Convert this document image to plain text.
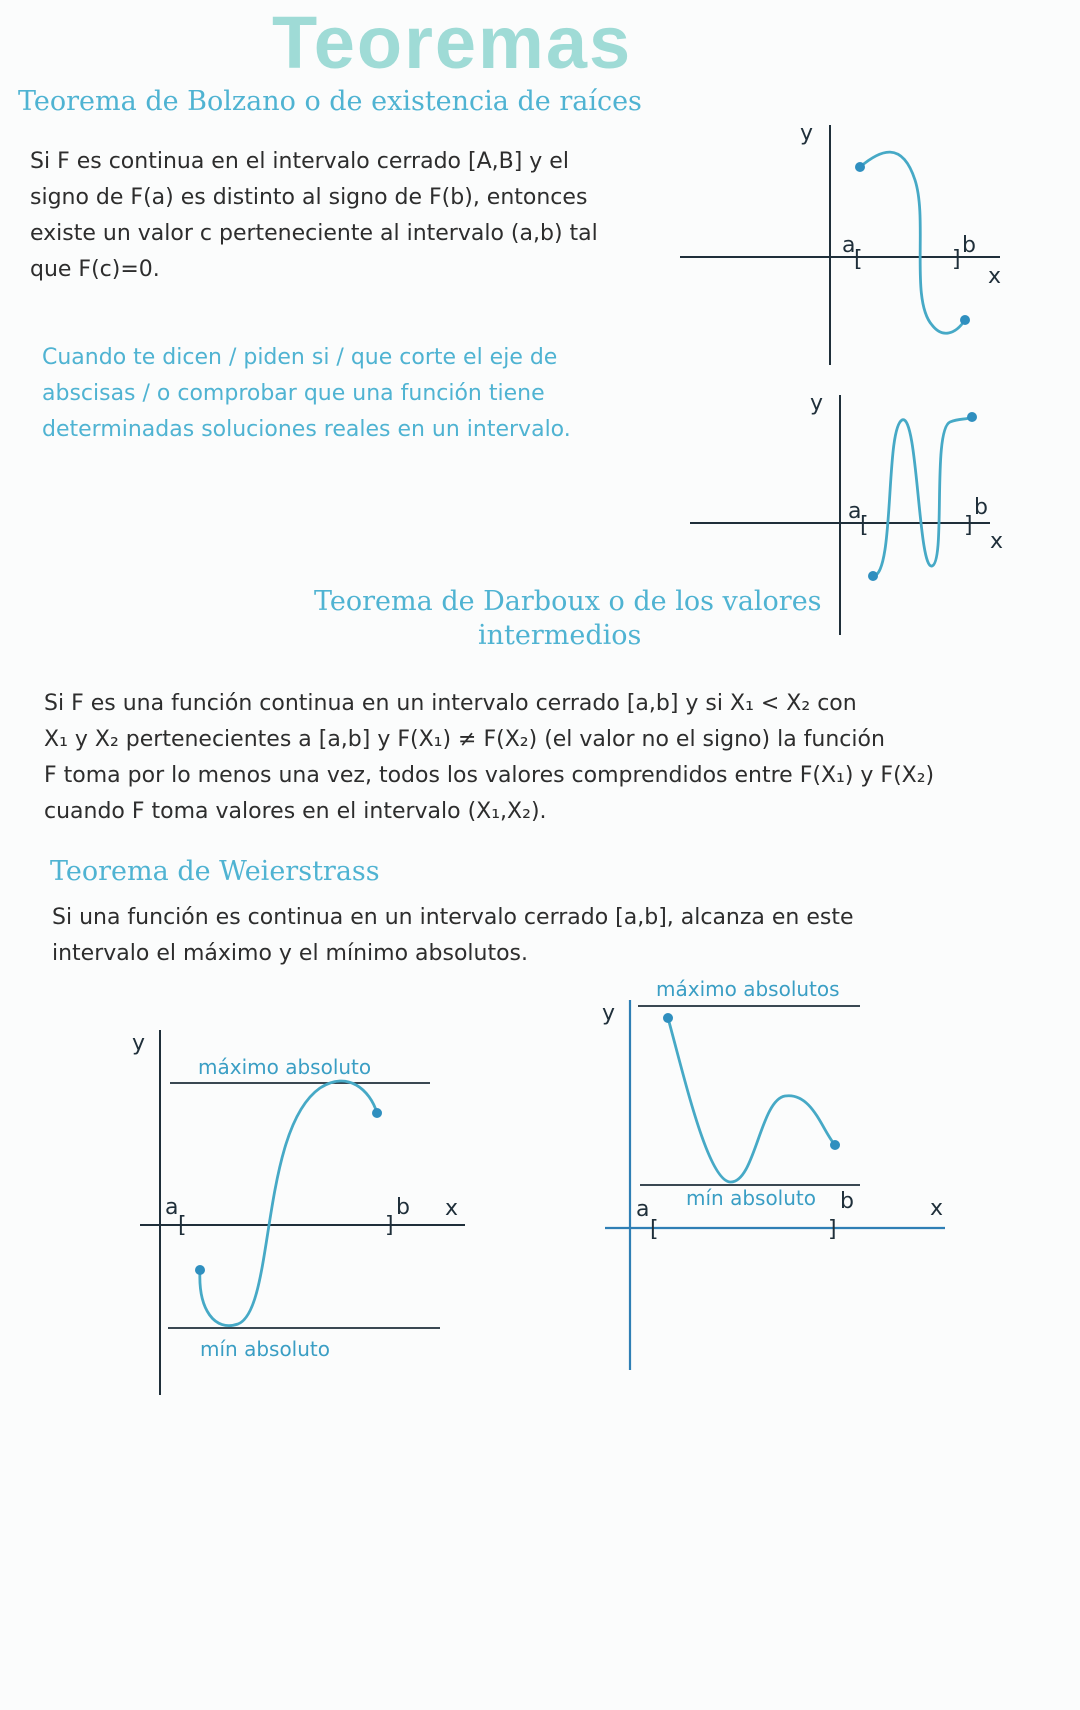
Teoremas
Teorema de Bolzano o de existencia de raíces
Si F es continua en el intervalo cerrado [A,B] y el
signo de F(a) es distinto al signo de F(b), entonces
existe un valor c perteneciente al intervalo (a,b) tal
que F(c)=0.
Cuando te dicen / piden si / que corte el eje de
abscisas / o comprobar que una función tiene
determinadas soluciones reales en un intervalo.
y
x
a
[	]
b
y
x
a
[	]
b
Teorema de Darboux o de los valores
intermedios
Si F es una función continua en un intervalo cerrado [a,b] y si X₁ < X₂ con
X₁ y X₂ pertenecientes a [a,b] y F(X₁) ≠ F(X₂) (el valor no el signo) la función
F toma por lo menos una vez, todos los valores comprendidos entre F(X₁) y F(X₂)
cuando F toma valores en el intervalo (X₁,X₂).
Teorema de Weierstrass
Si una función es continua en un intervalo cerrado [a,b], alcanza en este
intervalo el máximo y el mínimo absolutos.
y
x
máximo absoluto
mín absoluto
a
[	]
b
y
x
máximo absolutos
mín absoluto
a
[	]
b
